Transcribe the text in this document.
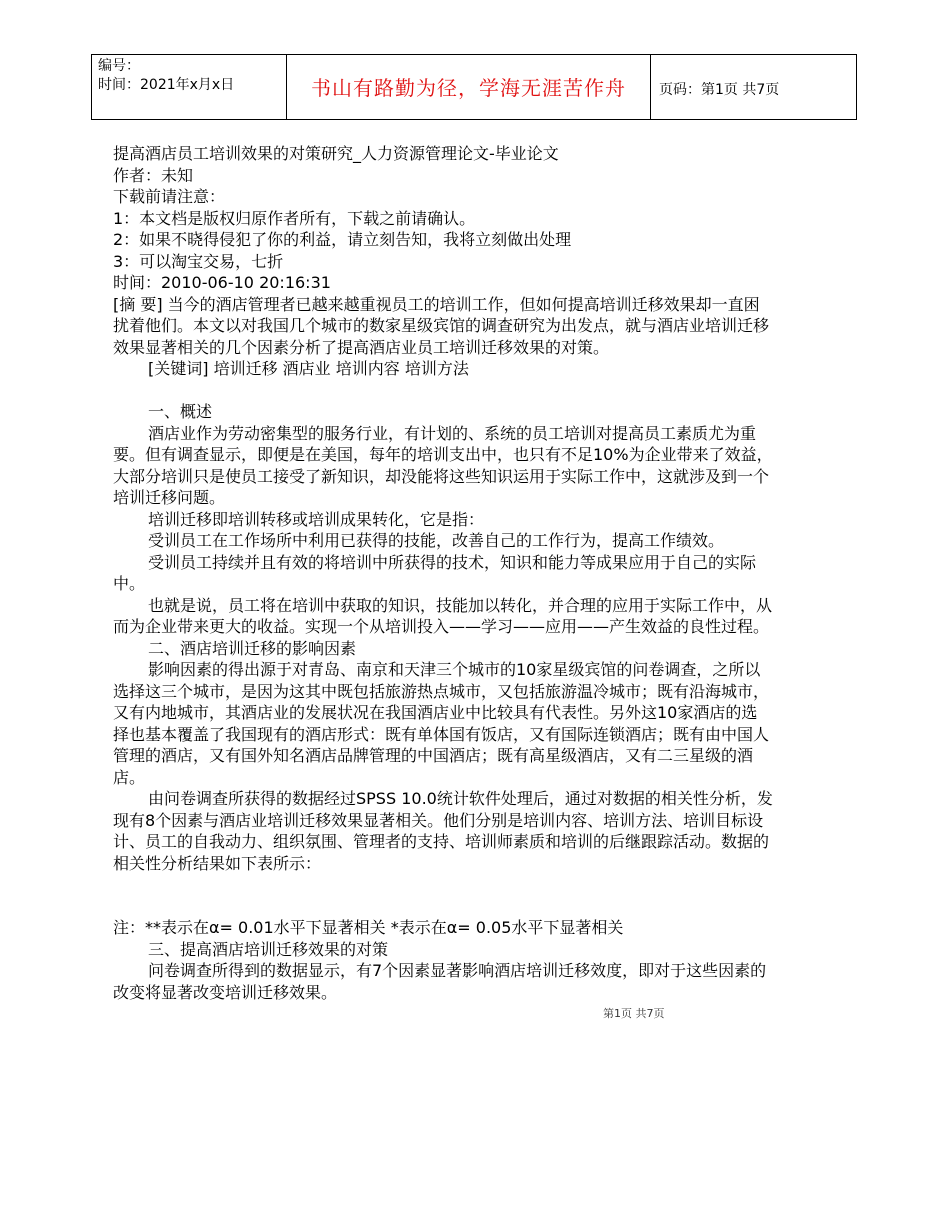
编号：
时间：2021年x月x日	书山有路勤为径，学海无涯苦作舟	页码：第1页 共7页

提高酒店员工培训效果的对策研究_人力资源管理论文-毕业论文

作者：未知

下载前请注意：

1：本文档是版权归原作者所有，下载之前请确认。

2：如果不晓得侵犯了你的利益，请立刻告知，我将立刻做出处理

3：可以淘宝交易，七折

时间：2010-06-10 20:16:31

[摘 要] 当今的酒店管理者已越来越重视员工的培训工作，但如何提高培训迁移效果却一直困扰着他们。本文以对我国几个城市的数家星级宾馆的调查研究为出发点，就与酒店业培训迁移效果显著相关的几个因素分析了提高酒店业员工培训迁移效果的对策。

[关键词] 培训迁移 酒店业 培训内容 培训方法

一、概述

酒店业作为劳动密集型的服务行业，有计划的、系统的员工培训对提高员工素质尤为重要。但有调查显示，即便是在美国，每年的培训支出中，也只有不足10%为企业带来了效益，大部分培训只是使员工接受了新知识，却没能将这些知识运用于实际工作中，这就涉及到一个培训迁移问题。

培训迁移即培训转移或培训成果转化，它是指：

受训员工在工作场所中利用已获得的技能，改善自己的工作行为，提高工作绩效。

受训员工持续并且有效的将培训中所获得的技术，知识和能力等成果应用于自己的实际中。

也就是说，员工将在培训中获取的知识，技能加以转化，并合理的应用于实际工作中，从而为企业带来更大的收益。实现一个从培训投入——学习——应用——产生效益的良性过程。

二、酒店培训迁移的影响因素

影响因素的得出源于对青岛、南京和天津三个城市的10家星级宾馆的问卷调查，之所以选择这三个城市，是因为这其中既包括旅游热点城市，又包括旅游温冷城市；既有沿海城市，又有内地城市，其酒店业的发展状况在我国酒店业中比较具有代表性。另外这10家酒店的选择也基本覆盖了我国现有的酒店形式：既有单体国有饭店，又有国际连锁酒店；既有由中国人管理的酒店，又有国外知名酒店品牌管理的中国酒店；既有高星级酒店，又有二三星级的酒店。

由问卷调查所获得的数据经过SPSS 10.0统计软件处理后，通过对数据的相关性分析，发现有8个因素与酒店业培训迁移效果显著相关。他们分别是培训内容、培训方法、培训目标设计、员工的自我动力、组织氛围、管理者的支持、培训师素质和培训的后继跟踪活动。数据的相关性分析结果如下表所示：

注：**表示在α= 0.01水平下显著相关 *表示在α= 0.05水平下显著相关

三、提高酒店培训迁移效果的对策

问卷调查所得到的数据显示，有7个因素显著影响酒店培训迁移效度，即对于这些因素的改变将显著改变培训迁移效果。

第1页 共7页
